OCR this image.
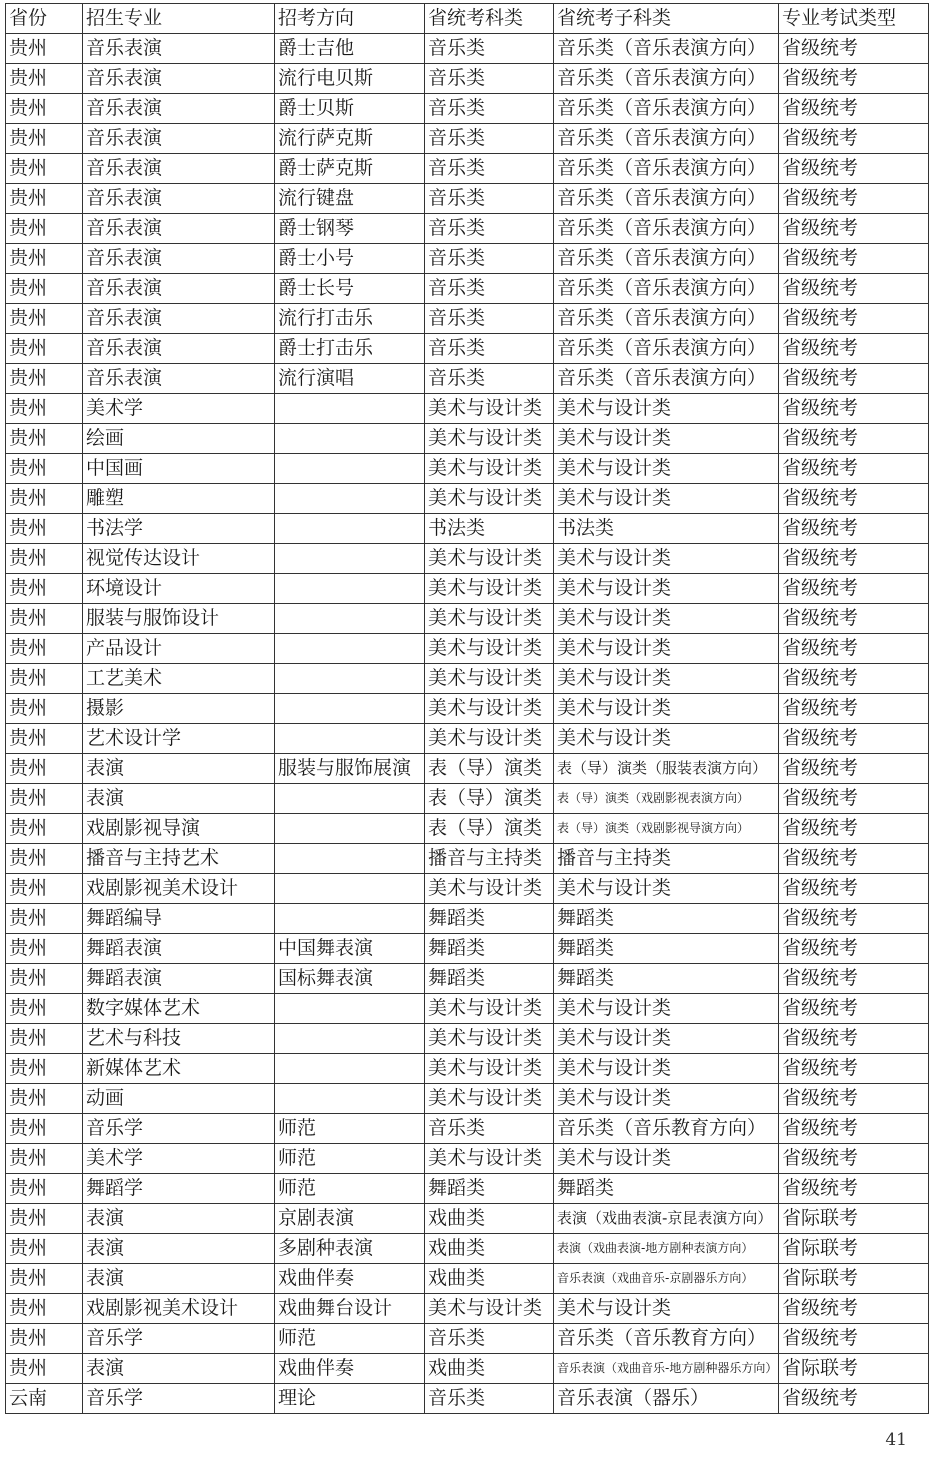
省份	招生专业	招考方向	省统考科类	省统考子科类	专业考试类型
贵州	音乐表演	爵士吉他	音乐类	音乐类（音乐表演方向）	省级统考
贵州	音乐表演	流行电贝斯	音乐类	音乐类（音乐表演方向）	省级统考
贵州	音乐表演	爵士贝斯	音乐类	音乐类（音乐表演方向）	省级统考
贵州	音乐表演	流行萨克斯	音乐类	音乐类（音乐表演方向）	省级统考
贵州	音乐表演	爵士萨克斯	音乐类	音乐类（音乐表演方向）	省级统考
贵州	音乐表演	流行键盘	音乐类	音乐类（音乐表演方向）	省级统考
贵州	音乐表演	爵士钢琴	音乐类	音乐类（音乐表演方向）	省级统考
贵州	音乐表演	爵士小号	音乐类	音乐类（音乐表演方向）	省级统考
贵州	音乐表演	爵士长号	音乐类	音乐类（音乐表演方向）	省级统考
贵州	音乐表演	流行打击乐	音乐类	音乐类（音乐表演方向）	省级统考
贵州	音乐表演	爵士打击乐	音乐类	音乐类（音乐表演方向）	省级统考
贵州	音乐表演	流行演唱	音乐类	音乐类（音乐表演方向）	省级统考
贵州	美术学		美术与设计类	美术与设计类	省级统考
贵州	绘画		美术与设计类	美术与设计类	省级统考
贵州	中国画		美术与设计类	美术与设计类	省级统考
贵州	雕塑		美术与设计类	美术与设计类	省级统考
贵州	书法学		书法类	书法类	省级统考
贵州	视觉传达设计		美术与设计类	美术与设计类	省级统考
贵州	环境设计		美术与设计类	美术与设计类	省级统考
贵州	服装与服饰设计		美术与设计类	美术与设计类	省级统考
贵州	产品设计		美术与设计类	美术与设计类	省级统考
贵州	工艺美术		美术与设计类	美术与设计类	省级统考
贵州	摄影		美术与设计类	美术与设计类	省级统考
贵州	艺术设计学		美术与设计类	美术与设计类	省级统考
贵州	表演	服装与服饰展演	表（导）演类	表（导）演类（服装表演方向）	省级统考
贵州	表演		表（导）演类	表（导）演类（戏剧影视表演方向）	省级统考
贵州	戏剧影视导演		表（导）演类	表（导）演类（戏剧影视导演方向）	省级统考
贵州	播音与主持艺术		播音与主持类	播音与主持类	省级统考
贵州	戏剧影视美术设计		美术与设计类	美术与设计类	省级统考
贵州	舞蹈编导		舞蹈类	舞蹈类	省级统考
贵州	舞蹈表演	中国舞表演	舞蹈类	舞蹈类	省级统考
贵州	舞蹈表演	国标舞表演	舞蹈类	舞蹈类	省级统考
贵州	数字媒体艺术		美术与设计类	美术与设计类	省级统考
贵州	艺术与科技		美术与设计类	美术与设计类	省级统考
贵州	新媒体艺术		美术与设计类	美术与设计类	省级统考
贵州	动画		美术与设计类	美术与设计类	省级统考
贵州	音乐学	师范	音乐类	音乐类（音乐教育方向）	省级统考
贵州	美术学	师范	美术与设计类	美术与设计类	省级统考
贵州	舞蹈学	师范	舞蹈类	舞蹈类	省级统考
贵州	表演	京剧表演	戏曲类	表演（戏曲表演-京昆表演方向）	省际联考
贵州	表演	多剧种表演	戏曲类	表演（戏曲表演-地方剧种表演方向）	省际联考
贵州	表演	戏曲伴奏	戏曲类	音乐表演（戏曲音乐-京剧器乐方向）	省际联考
贵州	戏剧影视美术设计	戏曲舞台设计	美术与设计类	美术与设计类	省级统考
贵州	音乐学	师范	音乐类	音乐类（音乐教育方向）	省级统考
贵州	表演	戏曲伴奏	戏曲类	音乐表演（戏曲音乐-地方剧种器乐方向）	省际联考
云南	音乐学	理论	音乐类	音乐表演（器乐）	省级统考
41
